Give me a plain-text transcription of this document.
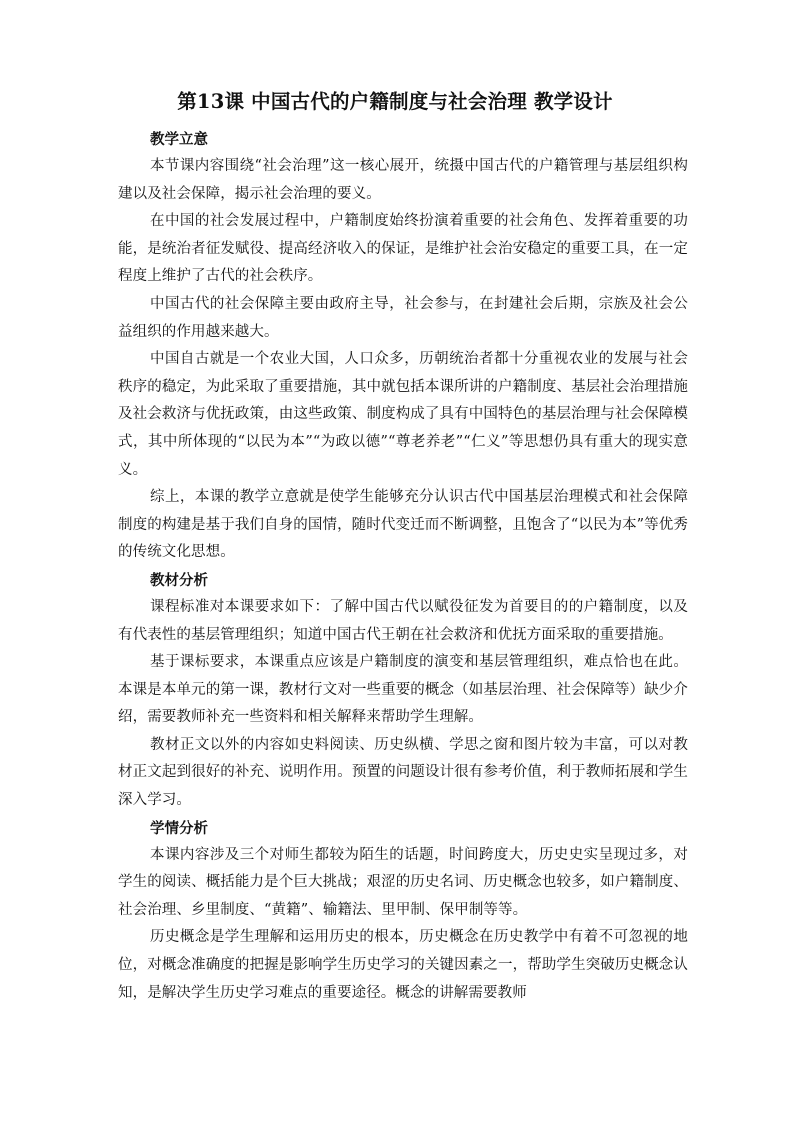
第13课 中国古代的户籍制度与社会治理 教学设计
教学立意

本节课内容围绕“社会治理”这一核心展开，统摄中国古代的户籍管理与基层组织构建以及社会保障，揭示社会治理的要义。

在中国的社会发展过程中，户籍制度始终扮演着重要的社会角色、发挥着重要的功能，是统治者征发赋役、提高经济收入的保证，是维护社会治安稳定的重要工具，在一定程度上维护了古代的社会秩序。

中国古代的社会保障主要由政府主导，社会参与，在封建社会后期，宗族及社会公益组织的作用越来越大。

中国自古就是一个农业大国，人口众多，历朝统治者都十分重视农业的发展与社会秩序的稳定，为此采取了重要措施，其中就包括本课所讲的户籍制度、基层社会治理措施及社会救济与优抚政策，由这些政策、制度构成了具有中国特色的基层治理与社会保障模式，其中所体现的“以民为本”“为政以德”“尊老养老”“仁义”等思想仍具有重大的现实意义。

综上，本课的教学立意就是使学生能够充分认识古代中国基层治理模式和社会保障制度的构建是基于我们自身的国情，随时代变迁而不断调整，且饱含了“以民为本”等优秀的传统文化思想。

教材分析

课程标准对本课要求如下：了解中国古代以赋役征发为首要目的的户籍制度，以及有代表性的基层管理组织；知道中国古代王朝在社会救济和优抚方面采取的重要措施。

基于课标要求，本课重点应该是户籍制度的演变和基层管理组织，难点恰也在此。本课是本单元的第一课，教材行文对一些重要的概念（如基层治理、社会保障等）缺少介绍，需要教师补充一些资料和相关解释来帮助学生理解。

教材正文以外的内容如史料阅读、历史纵横、学思之窗和图片较为丰富，可以对教材正文起到很好的补充、说明作用。预置的问题设计很有参考价值，利于教师拓展和学生深入学习。

学情分析

本课内容涉及三个对师生都较为陌生的话题，时间跨度大，历史史实呈现过多，对学生的阅读、概括能力是个巨大挑战；艰涩的历史名词、历史概念也较多，如户籍制度、社会治理、乡里制度、“黄籍”、输籍法、里甲制、保甲制等等。

历史概念是学生理解和运用历史的根本，历史概念在历史教学中有着不可忽视的地位，对概念准确度的把握是影响学生历史学习的关键因素之一，帮助学生突破历史概念认知，是解决学生历史学习难点的重要途径。概念的讲解需要教师
